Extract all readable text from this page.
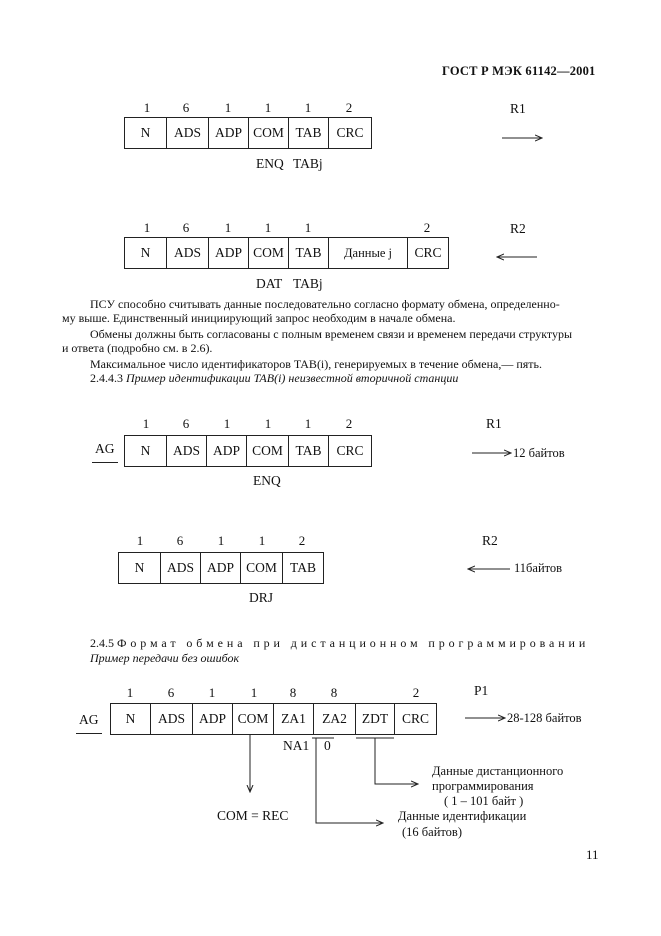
ГОСТ Р МЭК 61142—2001
1	6	1	1	1	2
N	ADS	ADP COM TAB	CRC
ENQ TABj
R1
1	6	1	1	1	2
N	ADS	ADP COM TAB	Данные j	CRC
DAT TABj
R2
ПСУ способно считывать данные последовательно согласно формату обмена, определенно-
му выше. Единственный инициирующий запрос необходим в начале обмена.
Обмены должны быть согласованы с полным временем связи и временем передачи структуры
и ответа (подробно см. в 2.6).
Максимальное число идентификаторов TAB(i), генерируемых в течение обмена,— пять.
2.4.4.3 Пример идентификации TAB(i) неизвестной вторичной станции
AG
1	6	1	1	1	2
N	ADS ADP COM TAB	CRC
ENQ
R1
12 байтов
1	6	1	1	2
N	ADS ADP COM TAB
DRJ
R2
11байтов
2.4.5 Формат обмена при дистанционном программировании
Пример передачи без ошибок
AG
1	6	1	1	8	8	2
N	ADS	ADP COM ZA1	ZA2	ZDT	CRC
P1
28-128 байтов
NA1 0
COM = REC
Данные дистанционного
программирования
( 1 – 101 байт )
Данные идентификации
(16 байтов)
11
